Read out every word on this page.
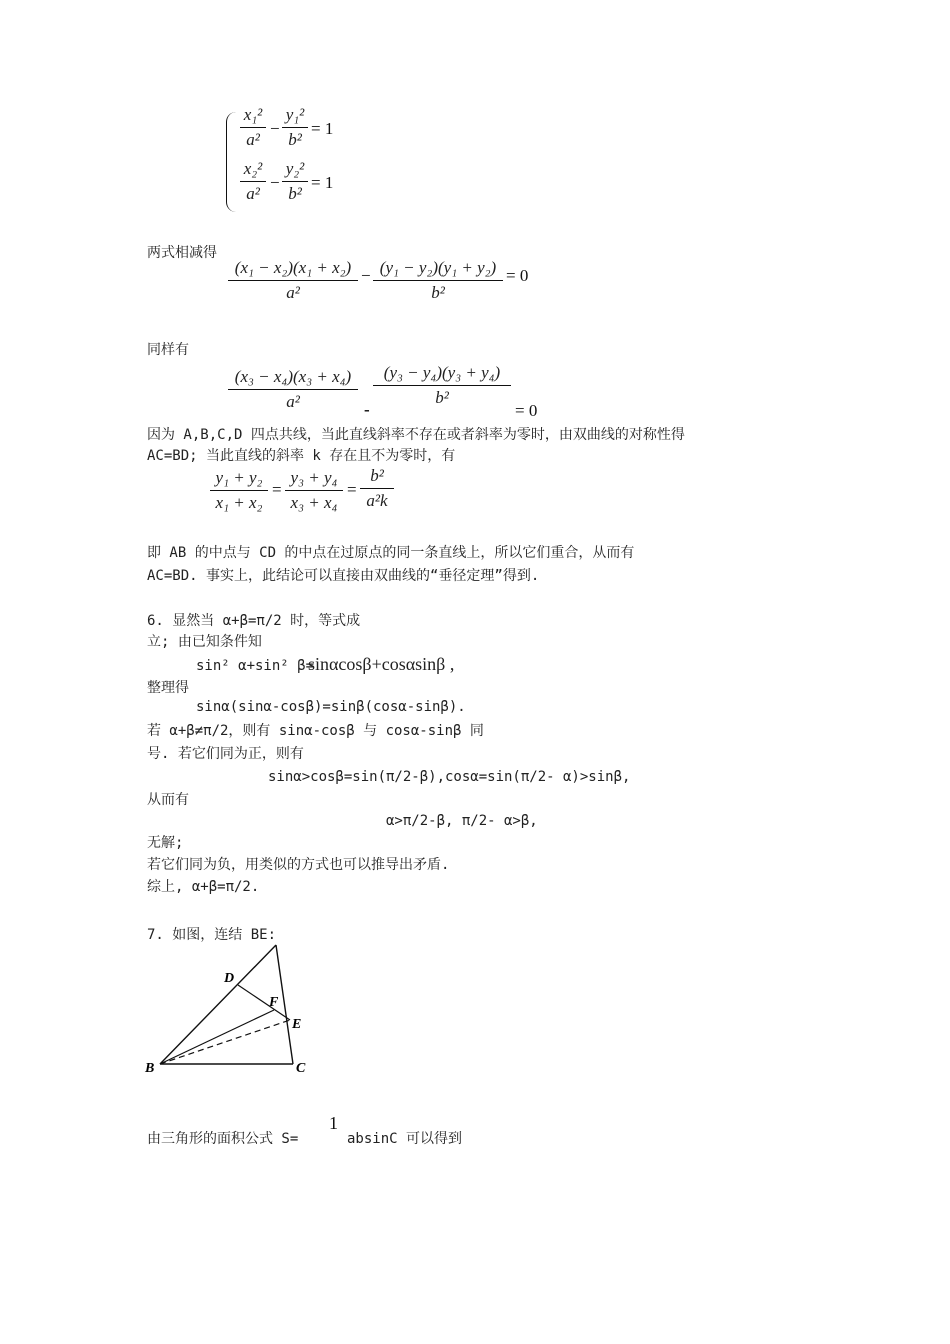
x₁²
a²
−
y₁²
b²
= 1
x₂²
a²
−
y₂²
b²
= 1
两式相减得
(x₁ − x₂)(x₁ + x₂)
a²
− (y₁ − y₂)(y₁ + y₂)
b²
= 0
同样有
(x₃ − x₄)(x₃ + x₄)
a²	-
(y₃ − y₄)(y₃ + y₄)
b²
= 0
因为 A,B,C,D 四点共线，当此直线斜率不存在或者斜率为零时，由双曲线的对称性得
AC=BD; 当此直线的斜率 k 存在且不为零时，有
y₁ + y₂
x₁ + x₂
=
y₃ + y₄
x₃ + x₄
=
b²
a²k
即 AB 的中点与 CD 的中点在过原点的同一条直线上，所以它们重合，从而有
AC=BD. 事实上，此结论可以直接由双曲线的“垂径定理”得到.
6. 显然当 α+β=π/2 时，等式成
立; 由已知条件知
sin² α+sin² β=
sinαcosβ+cosαsinβ ,
整理得
sinα(sinα-cosβ)=sinβ(cosα-sinβ).
若 α+β≠π/2，则有 sinα-cosβ 与 cosα-sinβ 同
号. 若它们同为正，则有
sinα>cosβ=sin(π/2-β),cosα=sin(π/2- α)>sinβ,
从而有
α>π/2-β, π/2- α>β,
无解;
若它们同为负，用类似的方式也可以推导出矛盾.
综上, α+β=π/2.
7. 如图，连结 BE:
B	C
D
E
F
由三角形的面积公式 S=
1
absinC 可以得到
